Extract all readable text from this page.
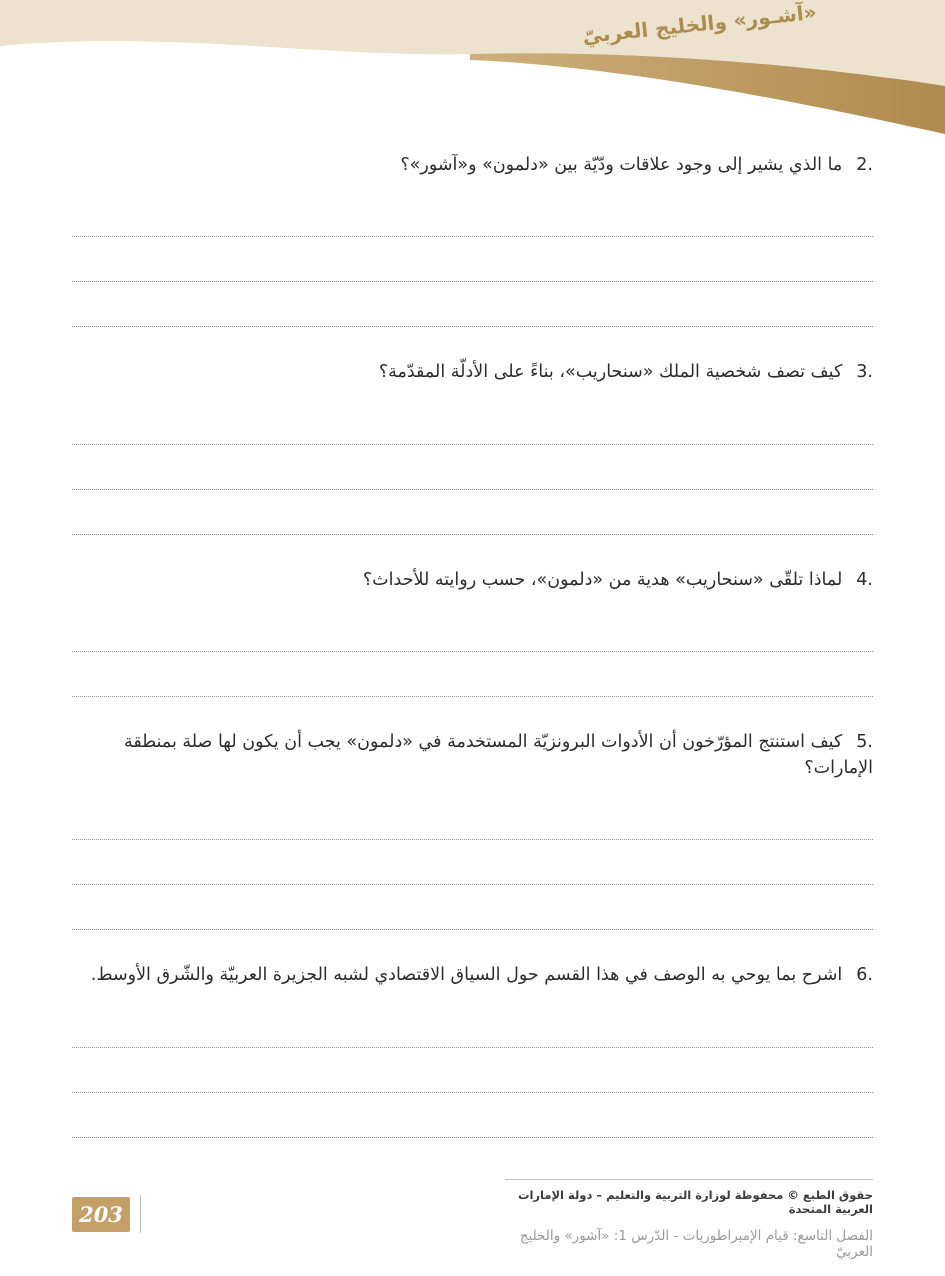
«آشـور» والخليج العربيّ
2.ما الذي يشير إلى وجود علاقات ودّيّة بين «دلمون» و«آشور»؟
3.كيف تصف شخصية الملك «سنحاريب»، بناءً على الأدلّة المقدّمة؟
4.لماذا تلقّى «سنحاريب» هدية من «دلمون»، حسب روايته للأحداث؟
5.كيف استنتج المؤرّخون أن الأدوات البرونزيّة المستخدمة في «دلمون» يجب أن يكون لها صلة بمنطقة الإمارات؟
6.اشرح بما يوحي به الوصف في هذا القسم حول السياق الاقتصادي لشبه الجزيرة العربيّة والشّرق الأوسط.
حقوق الطبع © محفوظة لوزارة التربية والتعليم – دولة الإمارات العربية المتحدة
الفصل التاسع: قيام الإمبراطوريات - الدّرس 1: «آشور» والخليج العربيّ
203
